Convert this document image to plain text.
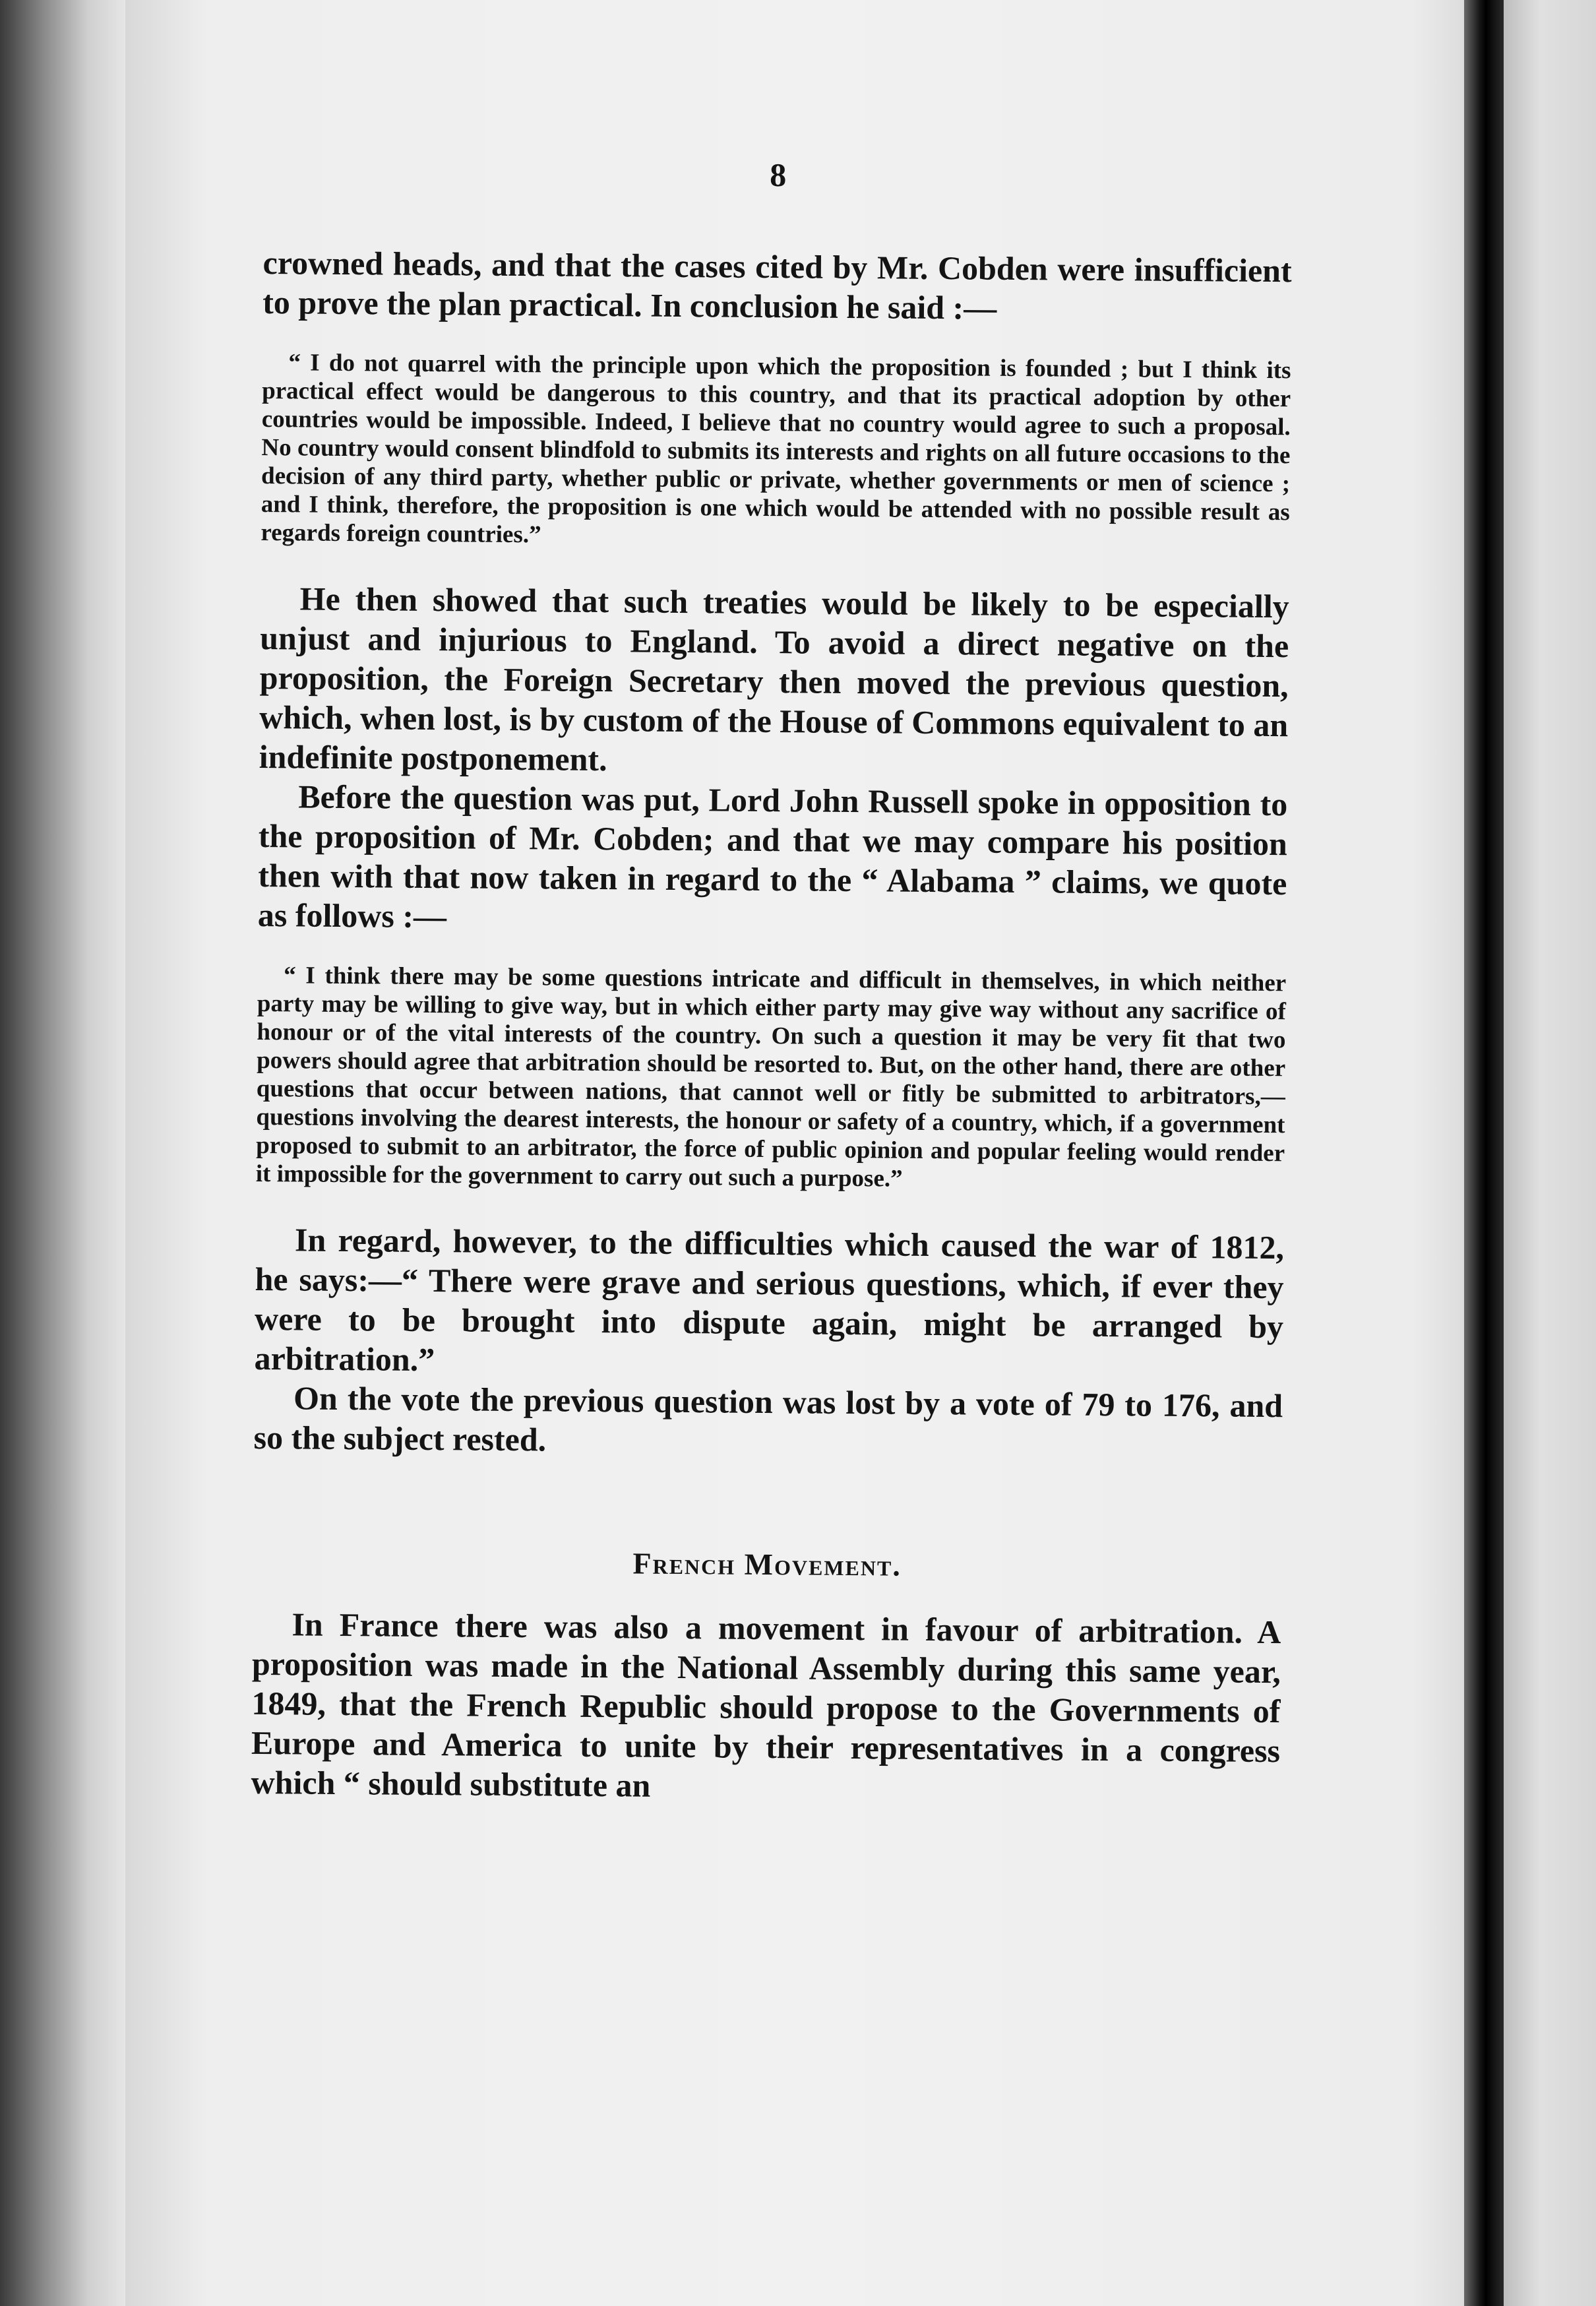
8

crowned heads, and that the cases cited by Mr. Cobden were insufficient to prove the plan practical. In conclusion he said :—

“ I do not quarrel with the principle upon which the proposition is founded ; but I think its practical effect would be dangerous to this country, and that its practical adoption by other countries would be impossible. Indeed, I believe that no country would agree to such a proposal. No country would consent blindfold to submits its interests and rights on all future occasions to the decision of any third party, whether public or private, whether governments or men of science ; and I think, therefore, the proposition is one which would be attended with no possible result as regards foreign countries.”

He then showed that such treaties would be likely to be especially unjust and injurious to England. To avoid a direct negative on the proposition, the Foreign Secretary then moved the previous question, which, when lost, is by custom of the House of Commons equivalent to an indefinite postponement.

Before the question was put, Lord John Russell spoke in opposition to the proposition of Mr. Cobden; and that we may compare his position then with that now taken in regard to the “ Alabama ” claims, we quote as follows :—

“ I think there may be some questions intricate and difficult in themselves, in which neither party may be willing to give way, but in which either party may give way without any sacrifice of honour or of the vital interests of the country. On such a question it may be very fit that two powers should agree that arbitration should be resorted to. But, on the other hand, there are other questions that occur between nations, that cannot well or fitly be submitted to arbitrators,—questions involving the dearest interests, the honour or safety of a country, which, if a government proposed to submit to an arbitrator, the force of public opinion and popular feeling would render it impossible for the government to carry out such a purpose.”

In regard, however, to the difficulties which caused the war of 1812, he says:—“ There were grave and serious questions, which, if ever they were to be brought into dispute again, might be arranged by arbitration.”

On the vote the previous question was lost by a vote of 79 to 176, and so the subject rested.

French Movement.

In France there was also a movement in favour of arbitration. A proposition was made in the National Assembly during this same year, 1849, that the French Republic should propose to the Governments of Europe and America to unite by their representatives in a congress which “ should substitute an
